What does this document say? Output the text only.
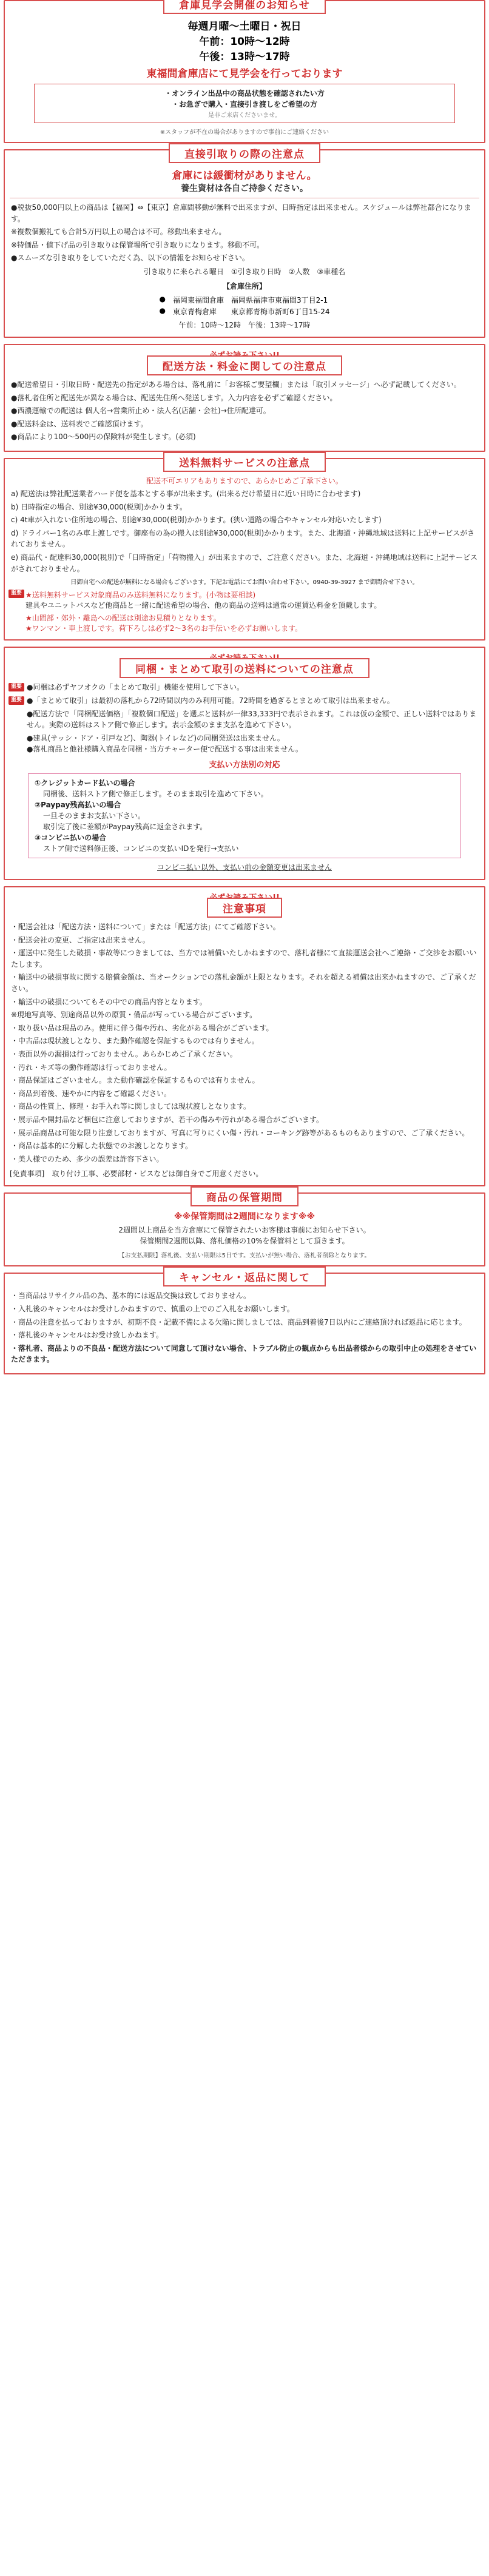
倉庫見学会開催のお知らせ
毎週月曜～土曜日・祝日
午前：10時～12時
午後：13時～17時
東福間倉庫店にて見学会を行っております
・オンライン出品中の商品状態を確認されたい方
・お急ぎで購入・直接引き渡しをご希望の方
是非ご来店くださいませ。
※スタッフが不在の場合がありますので事前にご連絡ください
直接引取りの際の注意点
倉庫には緩衝材がありません。
養生資材は各自ご持参ください。
●税抜50,000円以上の商品は【福岡】⇔【東京】倉庫間移動が無料で出来ますが、日時指定は出来ません。スケジュールは弊社都合になります。
※複数個搬礼ても合計5万円以上の場合は不可。移動出来ません。
※特価品・値下げ品の引き取りは保管場所で引き取りになります。移動不可。
●スムーズな引き取りをしていただく為、以下の情報をお知らせ下さい。
引き取りに来られる曜日　①引き取り日時　②人数　③車種名
【倉庫住所】
●	福岡東福間倉庫	福岡県福津市東福間3丁目2-1
●	東京青梅倉庫	東京都青梅市新町6丁目15-24
午前：10時～12時　午後：13時～17時
配送方法・料金に関しての注意点
●配送希望日・引取日時・配送先の指定がある場合は、落札前に「お客様ご要望欄」または「取引メッセージ」へ必ず記載してください。
●落札者住所と配送先が異なる場合は、配送先住所へ発送します。入力内容を必ずご確認ください。
●西濃運輸での配送は 個人名→営業所止め・法人名(店舗・会社)→住所配達可。
●配送料金は、送料表でご確認頂けます。
●商品により100～500円の保険料が発生します。(必須)
送料無料サービスの注意点
配送不可エリアもありますので、あらかじめご了承下さい。
a) 配送法は弊社配送業者ハード便を基本とする事が出来ます。(出来るだけ希望日に近い日時に合わせます)
b) 日時指定の場合、別途¥30,000(税別)かかります。
c) 4t車が入れない住所地の場合、別途¥30,000(税別)かかります。(狭い道路の場合やキャンセル対応いたします)
d) ドライバー1名のみ車上渡しです。御座布の為の搬入は別途¥30,000(税別)かかります。また、北海道・沖縄地域は送料に上記サービスがされておりません。
e) 商品代・配達料30,000(税別)で「日時指定」「荷物搬入」が出来ますので、ご注意ください。また、北海道・沖縄地域は送料に上記サービスがされておりません。
日御自宅への配送が無料になる場合もございます。下記お電話にてお問い合わせ下さい。0940-39-3927 まで御問合せ下さい。
重要 ★送料無料サービス対象商品のみ送料無料になります。(小物は要相談)
建具やユニットバスなど他商品と一緒に配送希望の場合、他の商品の送料は通常の運賃込料金を頂戴します。
★山間部・郊外・離島への配送は別途お見積りとなります。
★ワンマン・車上渡しです。荷下ろしは必ず2～3名のお手伝いを必ずお願いします。
同梱・まとめて取引の送料についての注意点
重要 ●同梱は必ずヤフオクの「まとめて取引」機能を使用して下さい。
重要 ●「まとめて取引」は最初の落札から72時間以内のみ利用可能。72時間を過ぎるとまとめて取引は出来ません。
●配送方法で「同梱配送価格」「複数個口配送」を選ぶと送料が一律33,333円で表示されます。これは仮の金額で、正しい送料ではありません。実際の送料はストア側で修正します。表示金額のまま支払を進めて下さい。
●建具(サッシ・ドア・引戸など)、陶器(トイレなど)の同梱発送は出来ません。
●落札商品と他社様購入商品を同梱・当方チャーター便で配送する事は出来ません。
支払い方法別の対応
①クレジットカード払いの場合
同梱後、送料ストア側で修正します。そのまま取引を進めて下さい。
②Paypay残高払いの場合
一旦そのままお支払い下さい。
取引完了後に差額がPaypay残高に返金されます。
③コンビニ払いの場合
ストア側で送料修正後、コンビニの支払いIDを発行→支払い
コンビニ払い以外、支払い前の金額変更は出来ません
注意事項
・配送会社は「配送方法・送料について」または「配送方法」にてご確認下さい。
・配送会社の変更、ご指定は出来ません。
・運送中に発生した破損・事故等につきましては、当方では補償いたしかねますので、落札者様にて直接運送会社へご連絡・ご交渉をお願いいたします。
・輸送中の破損事故に関する賠償金額は、当オークションでの落札金額が上限となります。それを超える補償は出来かねますので、ご了承ください。
・輸送中の破損についてもその中での商品内容となります。
※現地写真等、別途商品以外の原質・備品が写っている場合がございます。
・取り扱い品は現品のみ。使用に伴う傷や汚れ、劣化がある場合がございます。
・中古品は現状渡しとなり、また動作確認を保証するものでは有りません。
・表面以外の漏損は行っておりません。あらかじめご了承ください。
・汚れ・キズ等の動作確認は行っておりません。
・商品保証はございません。また動作確認を保証するものでは有りません。
・商品到着後、速やかに内容をご確認ください。
・商品の性質上、修理・お手入れ等に関しましては現状渡しとなります。
・展示品や開封品など梱包に注意しておりますが、若干の傷みや汚れがある場合がございます。
・展示品商品は可能な限り注意しておりますが、写真に写りにくい傷・汚れ・コーキング跡等があるものもありますので、ご了承ください。
・商品は基本的に分解した状態でのお渡しとなります。
・美人様でのため、多少の誤差は許容下さい。
[免責事項]　取り付け工事、必要部材・ビスなどは御自身でご用意ください。
商品の保管期間
※※保管期間は2週間になります※※
2週間以上商品を当方倉庫にて保管されたいお客様は事前にお知らせ下さい。
保管期間2週間以降、落札価格の10%を保管料として頂きます。
【お支払期限】落札後、支払い期限は5日です。支払いが無い場合、落札者削除となります。
キャンセル・返品に関して
・当商品はリサイクル品の為、基本的には返品交換は致しておりません。
・入札後のキャンセルはお受けしかねますので、慎重の上でのご入札をお願いします。
・商品の注意を払っておりますが、初期不良・記載不備による欠陥に関しましては、商品到着後7日以内にご連絡頂ければ返品に応じます。
・落札後のキャンセルはお受け致しかねます。
・落札者、商品よりの不良品・配送方法について同意して頂けない場合、トラブル防止の観点からも出品者様からの取引中止の処理をさせていただきます。
